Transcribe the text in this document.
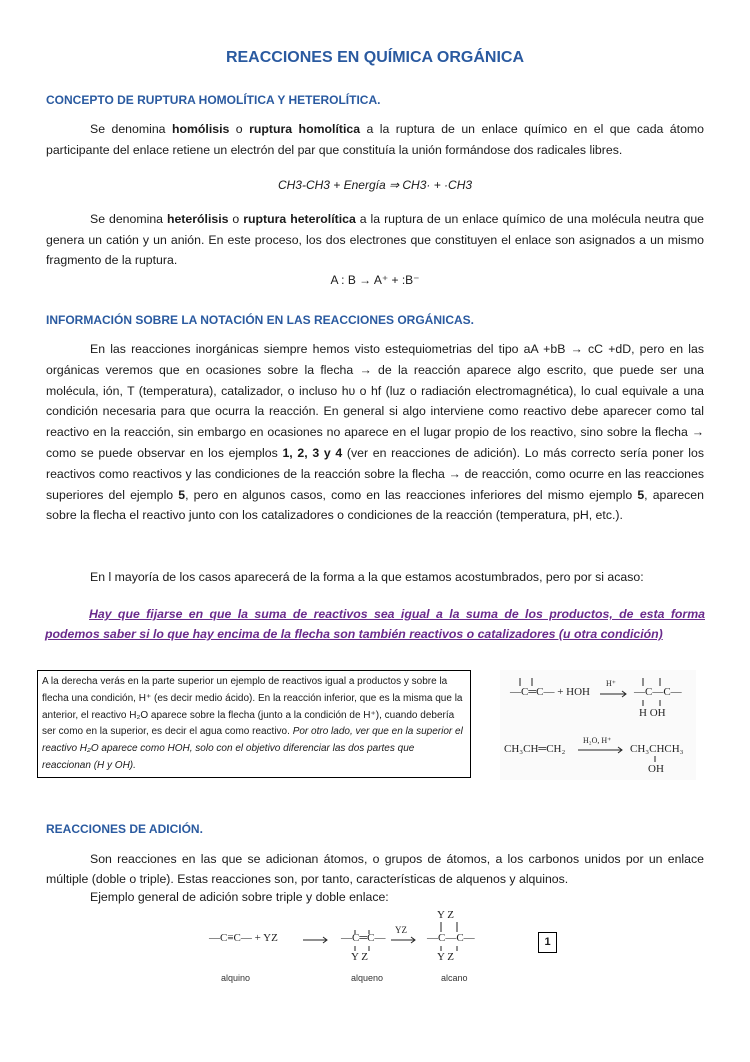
REACCIONES EN QUÍMICA ORGÁNICA
CONCEPTO DE RUPTURA HOMOLÍTICA Y HETEROLÍTICA.
Se denomina homólisis o ruptura homolítica a la ruptura de un enlace químico en el que cada átomo participante del enlace retiene un electrón del par que constituía la unión formándose dos radicales libres.
CH3-CH3 + Energía ⇒ CH3· + ·CH3
Se denomina heterólisis o ruptura heterolítica a la ruptura de un enlace químico de una molécula neutra que genera un catión y un anión. En este proceso, los dos electrones que constituyen el enlace son asignados a un mismo fragmento de la ruptura.
A : B → A⁺ + :B⁻
INFORMACIÓN SOBRE LA NOTACIÓN EN LAS REACCIONES ORGÁNICAS.
En las reacciones inorgánicas siempre hemos visto estequiometrias del tipo aA +bB → cC +dD, pero en las orgánicas veremos que en ocasiones sobre la flecha → de la reacción aparece algo escrito, que puede ser una molécula, ión, T (temperatura), catalizador, o incluso hυ o hf (luz o radiación electromagnética), lo cual equivale a una condición necesaria para que ocurra la reacción. En general si algo interviene como reactivo debe aparecer como tal reactivo en la reacción, sin embargo en ocasiones no aparece en el lugar propio de los reactivo, sino sobre la flecha → como se puede observar en los ejemplos 1, 2, 3 y 4 (ver en reacciones de adición). Lo más correcto sería poner los reactivos como reactivos y las condiciones de la reacción sobre la flecha → de reacción, como ocurre en las reacciones superiores del ejemplo 5, pero en algunos casos, como en las reacciones inferiores del mismo ejemplo 5, aparecen sobre la flecha el reactivo junto con los catalizadores o condiciones de la reacción (temperatura, pH, etc.).
En l mayoría de los casos aparecerá de la forma a la que estamos acostumbrados, pero por si acaso:
Hay que fijarse en que la suma de reactivos sea igual a la suma de los productos, de esta forma podemos saber si lo que hay encima de la flecha son también reactivos o catalizadores (u otra condición)
A la derecha verás en la parte superior un ejemplo de reactivos igual a productos y sobre la flecha una condición, H⁺ (es decir medio ácido). En la reacción inferior, que es la misma que la anterior, el reactivo H₂O aparece sobre la flecha (junto a la condición de H⁺), cuando debería ser como en la superior, es decir el agua como reactivo. Por otro lado, ver que en la superior el reactivo H₂O aparece como HOH, solo con el objetivo diferenciar las dos partes que reaccionan (H y OH).
—C═C— + HOH
H⁺
—C—C—
H OH
CH₃CH═CH₂
H₂O, H⁺
CH₃CHCH₃
OH
REACCIONES DE ADICIÓN.
Son reacciones en las que se adicionan átomos, o grupos de átomos, a los carbonos unidos por un enlace múltiple (doble o triple). Estas reacciones son, por tanto, características de alquenos y alquinos.
Ejemplo general de adición sobre triple y doble enlace:
—C≡C— + YZ	—C═C—
Y Z
YZ
—C—C—
Y Z
Y Z
alquino	alqueno	alcano
1
